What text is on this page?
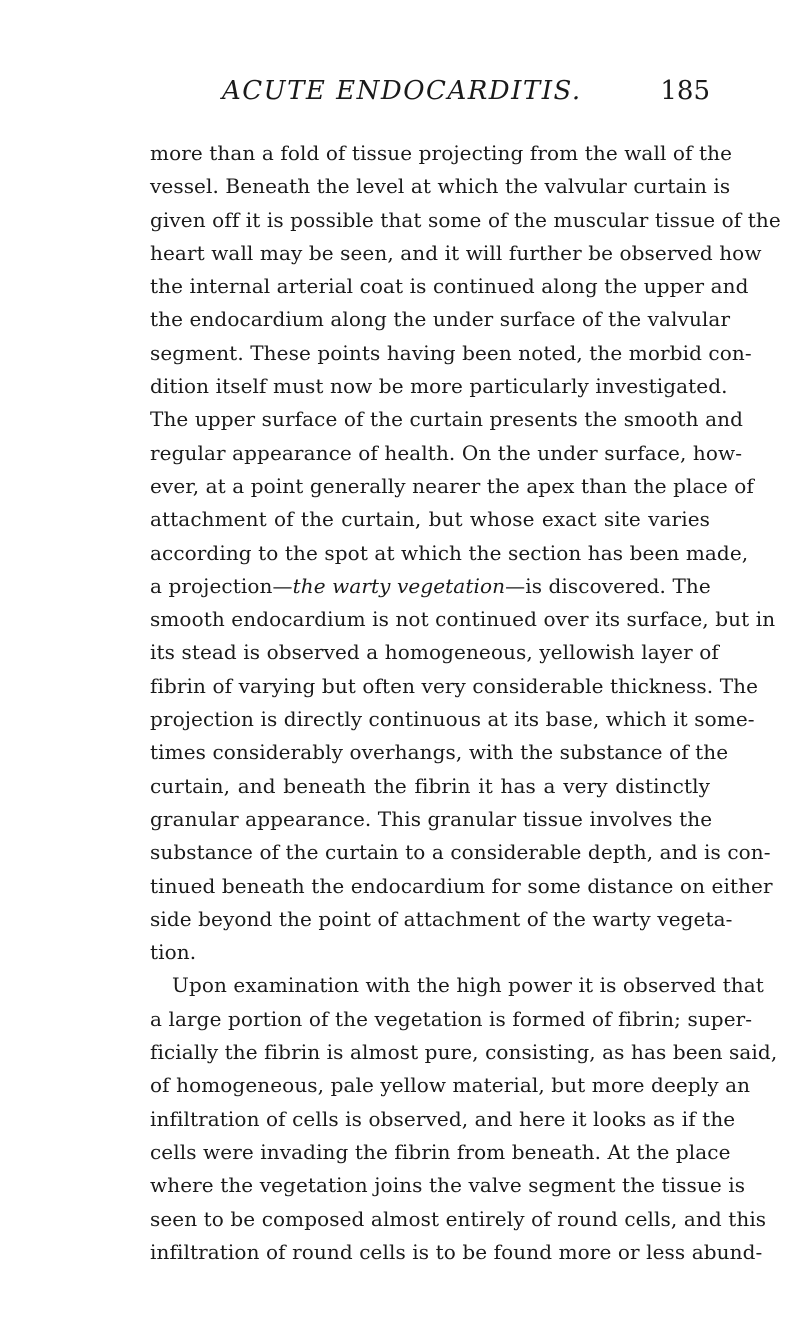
ACUTE ENDOCARDITIS.	185
more than a fold of tissue projecting from the wall of the
vessel. Beneath the level at which the valvular curtain is
given off it is possible that some of the muscular tissue of the
heart wall may be seen, and it will further be observed how
the internal arterial coat is continued along the upper and
the endocardium along the under surface of the valvular
segment. These points having been noted, the morbid con-
dition itself must now be more particularly investigated.
The upper surface of the curtain presents the smooth and
regular appearance of health. On the under surface, how-
ever, at a point generally nearer the apex than the place of
attachment of the curtain, but whose exact site varies
according to the spot at which the section has been made,
a projection—the warty vegetation—is discovered. The
smooth endocardium is not continued over its surface, but in
its stead is observed a homogeneous, yellowish layer of
fibrin of varying but often very considerable thickness. The
projection is directly continuous at its base, which it some-
times considerably overhangs, with the substance of the
curtain, and beneath the fibrin it has a very distinctly
granular appearance. This granular tissue involves the
substance of the curtain to a considerable depth, and is con-
tinued beneath the endocardium for some distance on either
side beyond the point of attachment of the warty vegeta-
tion.
Upon examination with the high power it is observed that
a large portion of the vegetation is formed of fibrin; super-
ficially the fibrin is almost pure, consisting, as has been said,
of homogeneous, pale yellow material, but more deeply an
infiltration of cells is observed, and here it looks as if the
cells were invading the fibrin from beneath. At the place
where the vegetation joins the valve segment the tissue is
seen to be composed almost entirely of round cells, and this
infiltration of round cells is to be found more or less abund-
